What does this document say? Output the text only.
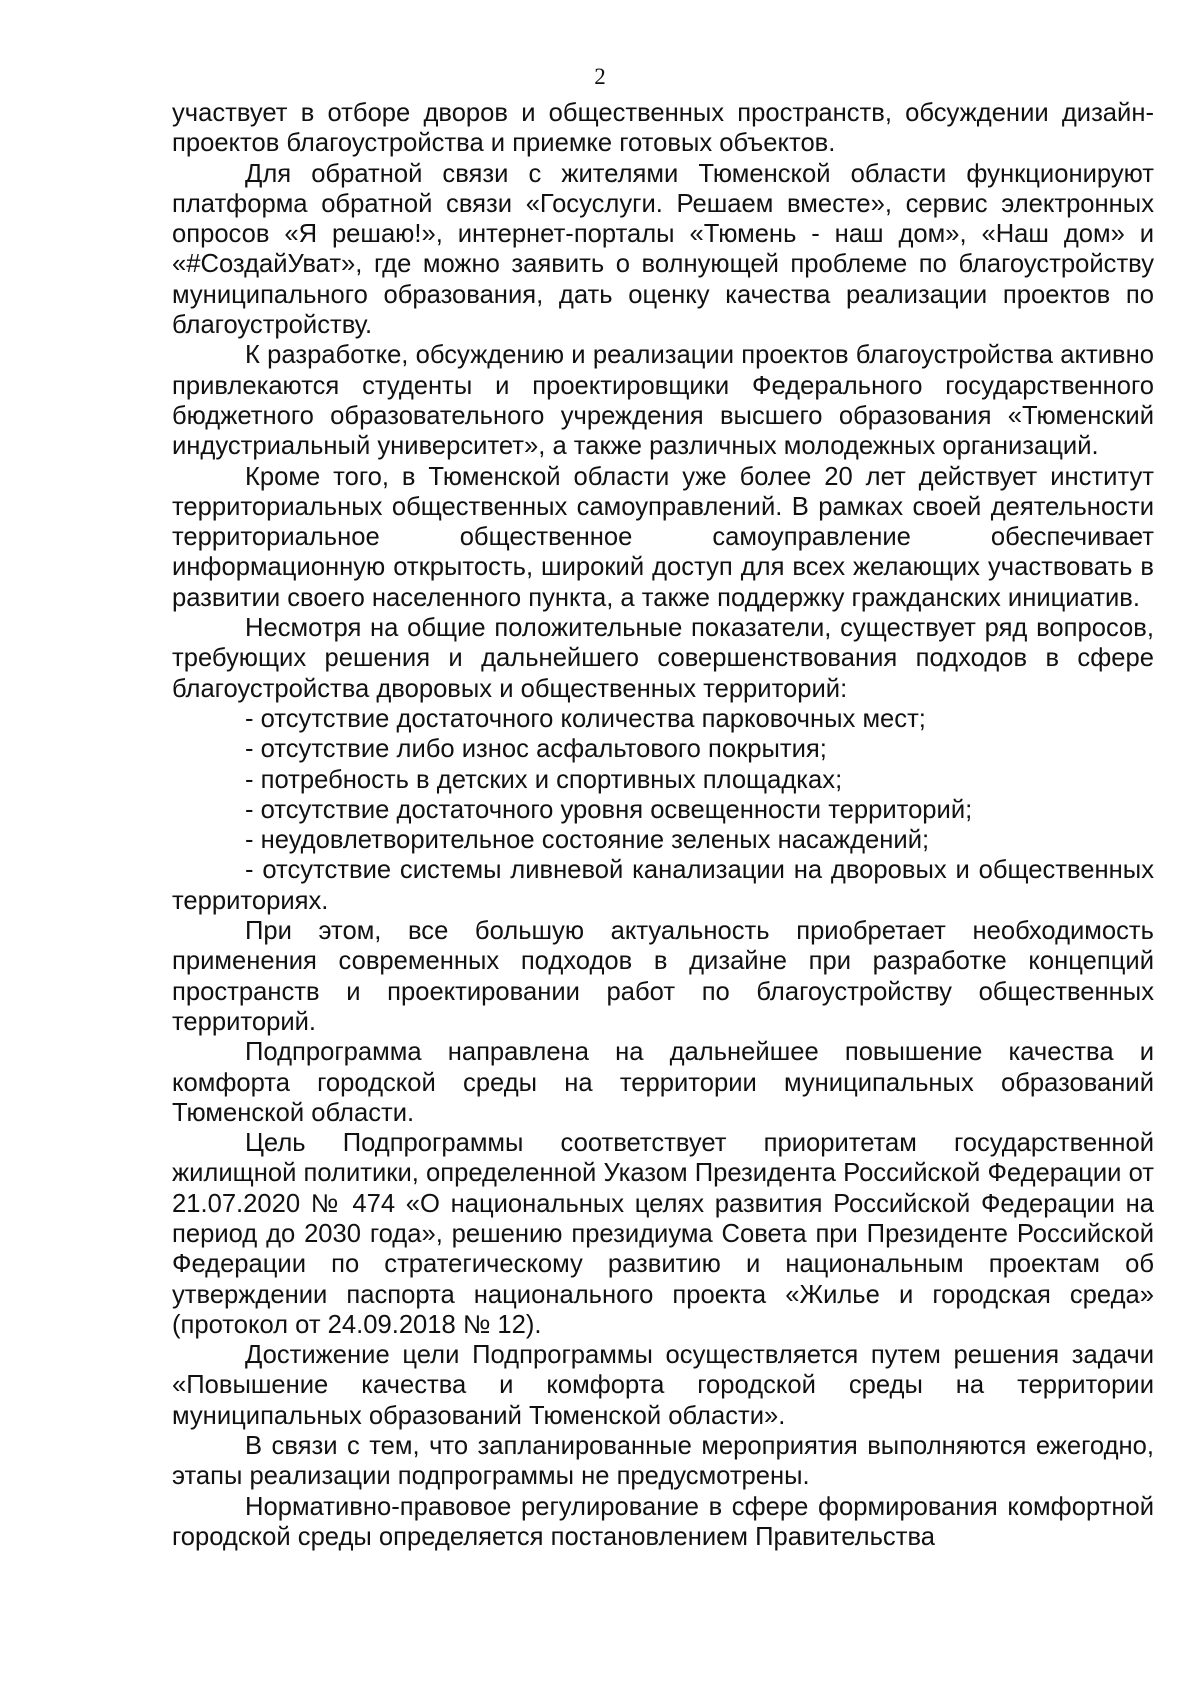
2

участвует в отборе дворов и общественных пространств, обсуждении дизайн-проектов благоустройства и приемке готовых объектов.

Для обратной связи с жителями Тюменской области функционируют платформа обратной связи «Госуслуги. Решаем вместе», сервис электронных опросов «Я решаю!», интернет-порталы «Тюмень - наш дом», «Наш дом» и «#СоздайУват», где можно заявить о волнующей проблеме по благоустройству муниципального образования, дать оценку качества реализации проектов по благоустройству.

К разработке, обсуждению и реализации проектов благоустройства активно привлекаются студенты и проектировщики Федерального государственного бюджетного образовательного учреждения высшего образования «Тюменский индустриальный университет», а также различных молодежных организаций.

Кроме того, в Тюменской области уже более 20 лет действует институт территориальных общественных самоуправлений. В рамках своей деятельности территориальное общественное самоуправление обеспечивает информационную открытость, широкий доступ для всех желающих участвовать в развитии своего населенного пункта, а также поддержку гражданских инициатив.

Несмотря на общие положительные показатели, существует ряд вопросов, требующих решения и дальнейшего совершенствования подходов в сфере благоустройства дворовых и общественных территорий:

- отсутствие достаточного количества парковочных мест;

- отсутствие либо износ асфальтового покрытия;

- потребность в детских и спортивных площадках;

- отсутствие достаточного уровня освещенности территорий;

- неудовлетворительное состояние зеленых насаждений;

- отсутствие системы ливневой канализации на дворовых и общественных территориях.

При этом, все большую актуальность приобретает необходимость применения современных подходов в дизайне при разработке концепций пространств и проектировании работ по благоустройству общественных территорий.

Подпрограмма направлена на дальнейшее повышение качества и комфорта городской среды на территории муниципальных образований Тюменской области.

Цель Подпрограммы соответствует приоритетам государственной жилищной политики, определенной Указом Президента Российской Федерации от 21.07.2020 № 474 «О национальных целях развития Российской Федерации на период до 2030 года», решению президиума Совета при Президенте Российской Федерации по стратегическому развитию и национальным проектам об утверждении паспорта национального проекта «Жилье и городская среда» (протокол от 24.09.2018 № 12).

Достижение цели Подпрограммы осуществляется путем решения задачи «Повышение качества и комфорта городской среды на территории муниципальных образований Тюменской области».

В связи с тем, что запланированные мероприятия выполняются ежегодно, этапы реализации подпрограммы не предусмотрены.

Нормативно-правовое регулирование в сфере формирования комфортной городской среды определяется постановлением Правительства
